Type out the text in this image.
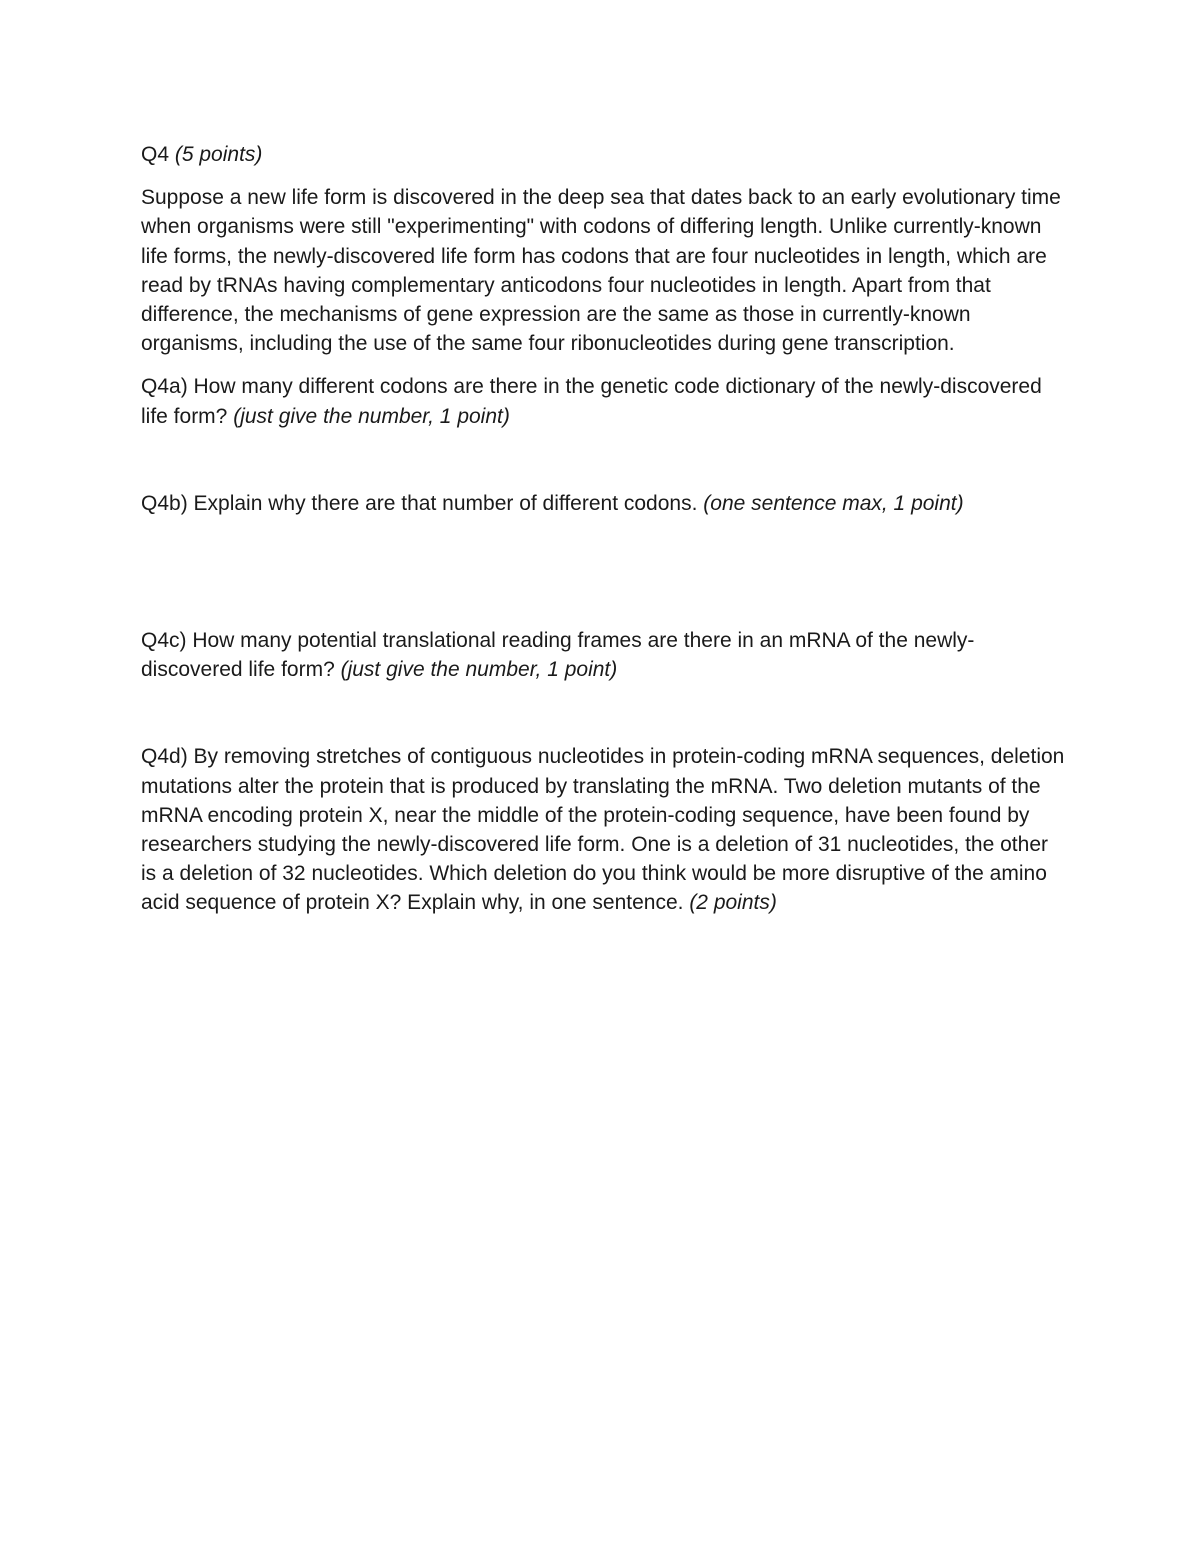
Q4 (5 points)

Suppose a new life form is discovered in the deep sea that dates back to an early evolutionary time when organisms were still "experimenting" with codons of differing length. Unlike currently-known life forms, the newly-discovered life form has codons that are four nucleotides in length, which are read by tRNAs having complementary anticodons four nucleotides in length. Apart from that difference, the mechanisms of gene expression are the same as those in currently-known organisms, including the use of the same four ribonucleotides during gene transcription.

Q4a) How many different codons are there in the genetic code dictionary of the newly-discovered life form? (just give the number, 1 point)

Q4b) Explain why there are that number of different codons. (one sentence max, 1 point)

Q4c) How many potential translational reading frames are there in an mRNA of the newly-discovered life form? (just give the number, 1 point)

Q4d) By removing stretches of contiguous nucleotides in protein-coding mRNA sequences, deletion mutations alter the protein that is produced by translating the mRNA. Two deletion mutants of the mRNA encoding protein X, near the middle of the protein-coding sequence, have been found by researchers studying the newly-discovered life form. One is a deletion of 31 nucleotides, the other is a deletion of 32 nucleotides. Which deletion do you think would be more disruptive of the amino acid sequence of protein X? Explain why, in one sentence. (2 points)
